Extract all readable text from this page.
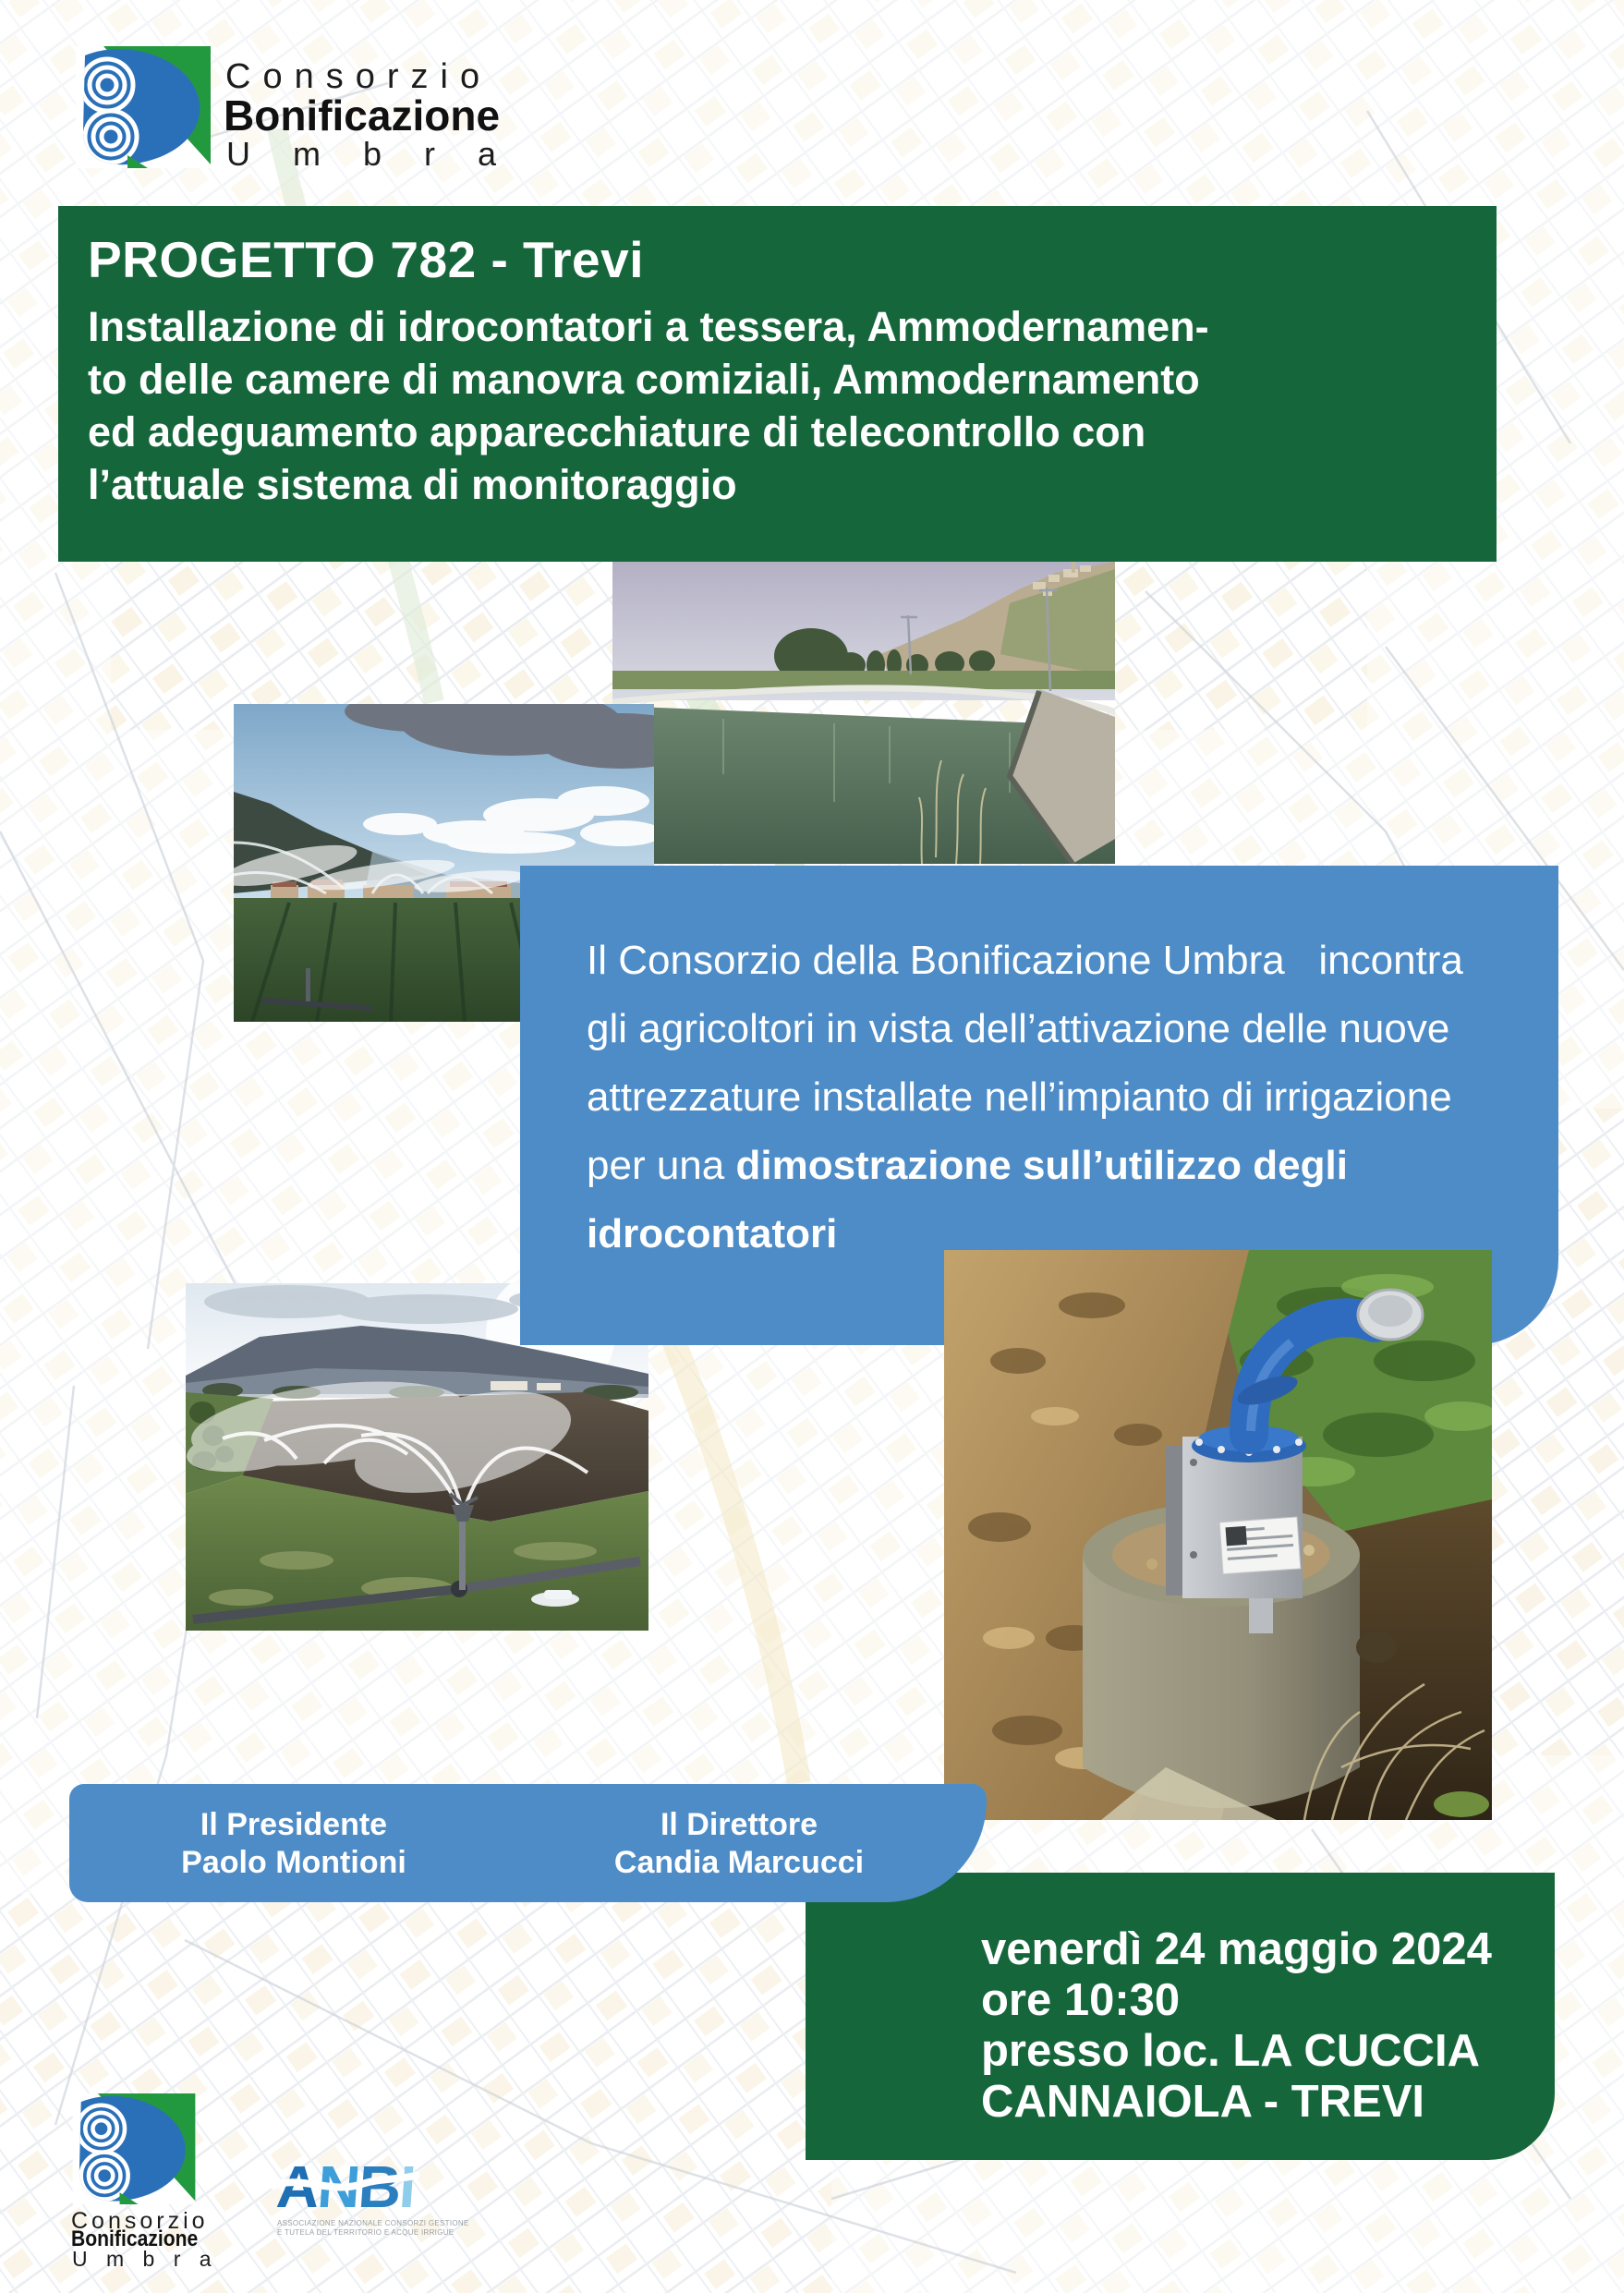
Consorzio
Bonificazione
U m b r a
PROGETTO 782 - Trevi
Installazione di idrocontatori a tessera, Ammodernamen-
to delle camere di manovra comiziali, Ammodernamento
ed adeguamento apparecchiature di telecontrollo con
l’attuale sistema di monitoraggio
Il Consorzio della Bonificazione Umbra   incontra
gli agricoltori in vista dell’attivazione delle nuove
attrezzature installate nell’impianto di irrigazione
per una dimostrazione sull’utilizzo degli
idrocontatori
Il Presidente
Paolo Montioni
Il Direttore
Candia Marcucci
venerdì 24 maggio 2024
ore 10:30
presso loc. LA CUCCIA
CANNAIOLA - TREVI
Consorzio
Bonificazione
U m b r a
A
N
B
I
ASSOCIAZIONE NAZIONALE CONSORZI GESTIONE
E TUTELA DEL TERRITORIO E ACQUE IRRIGUE
